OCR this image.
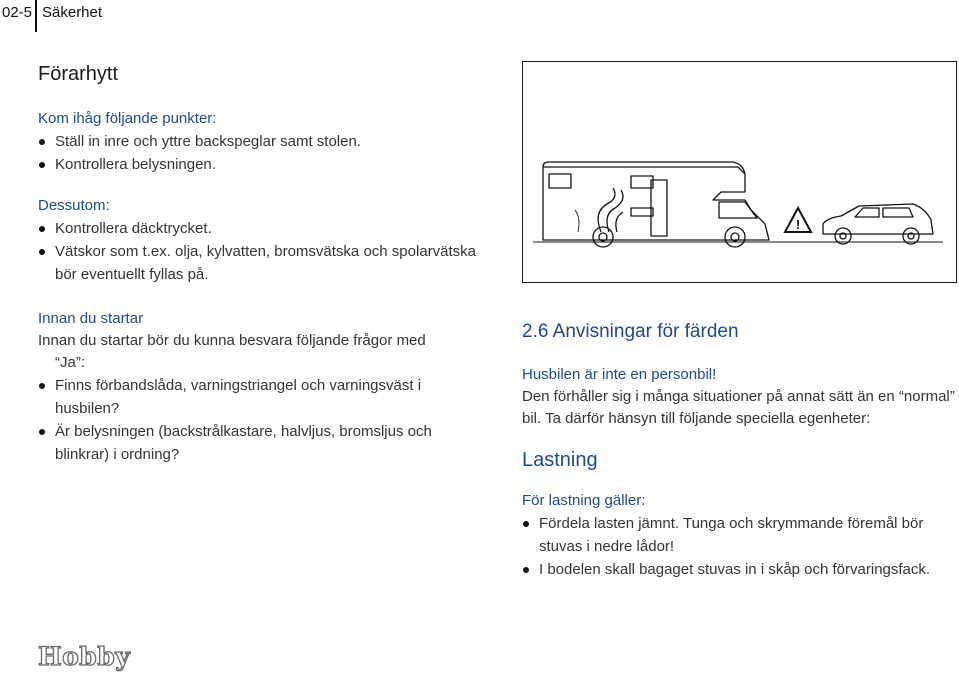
02-5 Säkerhet
Förarhytt
Kom ihåg följande punkter:
Ställ in inre och yttre backspeglar samt stolen.
Kontrollera belysningen.
Dessutom:
Kontrollera däcktrycket.
Vätskor som t.ex. olja, kylvatten, bromsvätska och spolarvätska bör eventuellt fyllas på.
Innan du startar
Innan du startar bör du kunna besvara följande frågor med
“Ja”:
Finns förbandslåda, varningstriangel och varningsväst i husbilen?
Är belysningen (backstrålkastare, halvljus, bromsljus och blinkrar) i ordning?
!
2.6 Anvisningar för färden
Husbilen är inte en personbil!
Den förhåller sig i många situationer på annat sätt än en “normal” bil. Ta därför hänsyn till följande speciella egenheter:
Lastning
För lastning gäller:
Fördela lasten jämnt. Tunga och skrymmande föremål bör stuvas i nedre lådor!
I bodelen skall bagaget stuvas in i skåp och förvaringsfack.
Hobby
